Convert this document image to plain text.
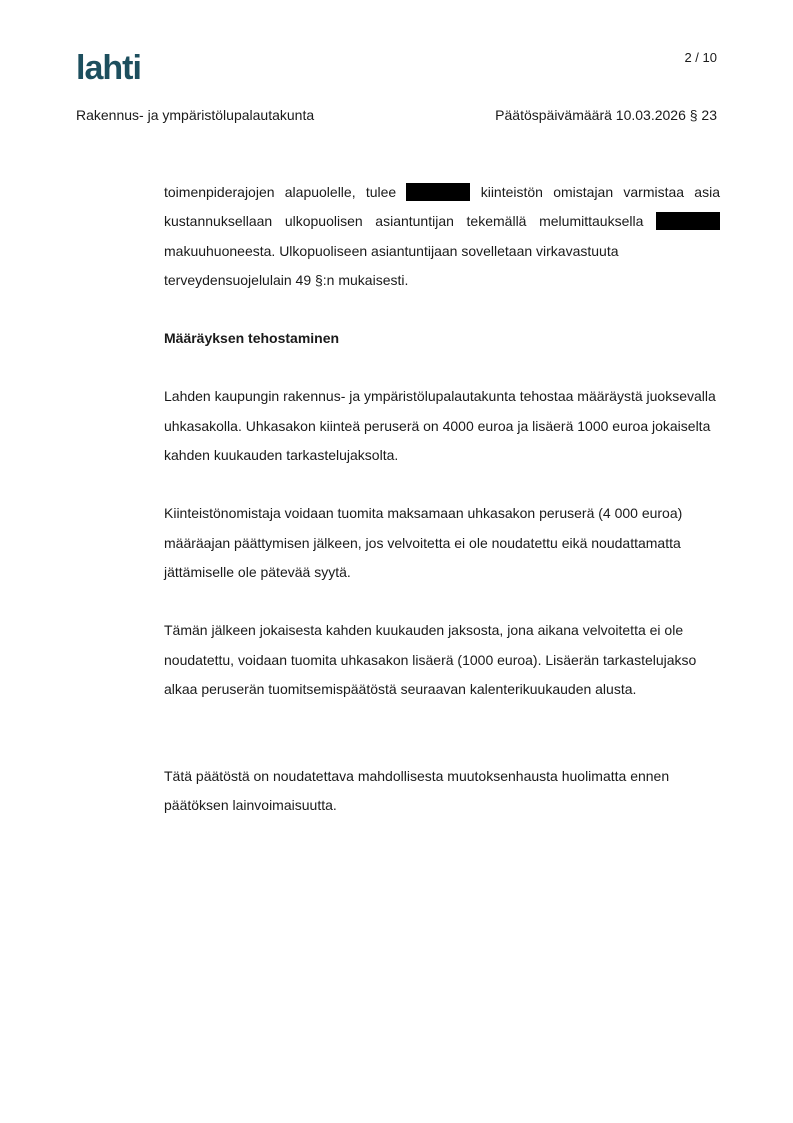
lahti	2 / 10
Rakennus- ja ympäristölupalautakunta	Päätöspäivämäärä 10.03.2026 § 23

toimenpiderajojen alapuolelle, tulee	kiinteistön omistajan varmistaa asia
kustannuksellaan ulkopuolisen asiantuntijan tekemällä melumittauksella
makuuhuoneesta. Ulkopuoliseen asiantuntijaan sovelletaan virkavastuuta terveydensuojelulain 49 §:n mukaisesti.

Määräyksen tehostaminen

Lahden kaupungin rakennus- ja ympäristölupalautakunta tehostaa määräystä juoksevalla uhkasakolla. Uhkasakon kiinteä peruserä on 4000 euroa ja lisäerä 1000 euroa jokaiselta kahden kuukauden tarkastelujaksolta.

Kiinteistönomistaja voidaan tuomita maksamaan uhkasakon peruserä (4 000 euroa) määräajan päättymisen jälkeen, jos velvoitetta ei ole noudatettu eikä noudattamatta jättämiselle ole pätevää syytä.

Tämän jälkeen jokaisesta kahden kuukauden jaksosta, jona aikana velvoitetta ei ole noudatettu, voidaan tuomita uhkasakon lisäerä (1000 euroa). Lisäerän tarkastelujakso alkaa peruserän tuomitsemispäätöstä seuraavan kalenterikuukauden alusta.

Tätä päätöstä on noudatettava mahdollisesta muutoksenhausta huolimatta ennen päätöksen lainvoimaisuutta.
